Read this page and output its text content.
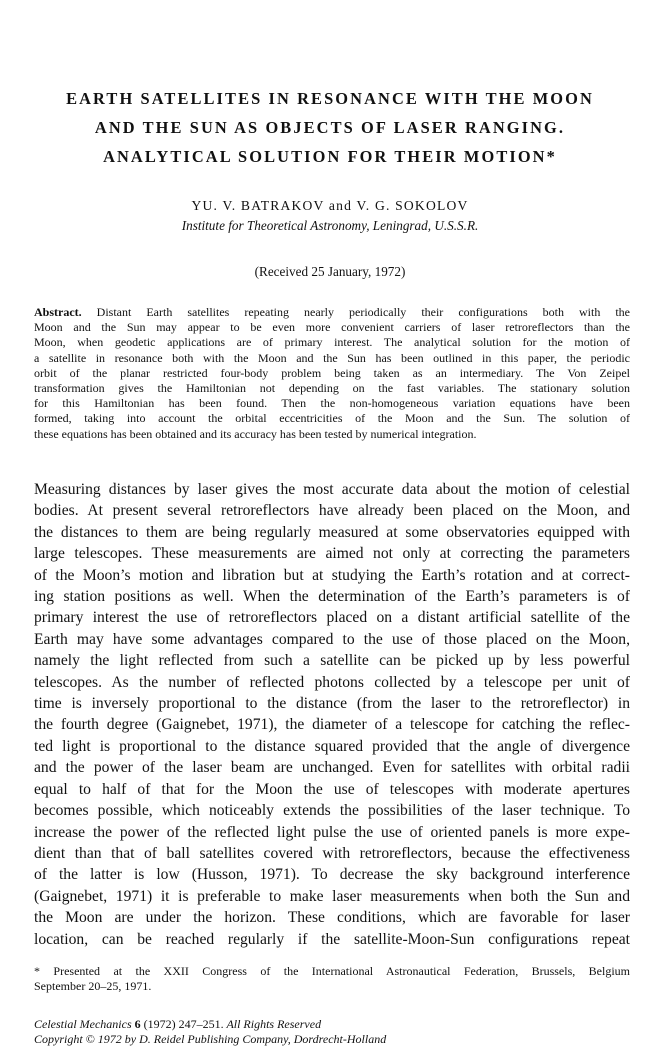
EARTH SATELLITES IN RESONANCE WITH THE MOON
AND THE SUN AS OBJECTS OF LASER RANGING.
ANALYTICAL SOLUTION FOR THEIR MOTION*
YU. V. BATRAKOV and V. G. SOKOLOV
Institute for Theoretical Astronomy, Leningrad, U.S.S.R.
(Received 25 January, 1972)
Abstract. Distant Earth satellites repeating nearly periodically their configurations both with the
Moon and the Sun may appear to be even more convenient carriers of laser retroreflectors than the
Moon, when geodetic applications are of primary interest. The analytical solution for the motion of
a satellite in resonance both with the Moon and the Sun has been outlined in this paper, the periodic
orbit of the planar restricted four-body problem being taken as an intermediary. The Von Zeipel
transformation gives the Hamiltonian not depending on the fast variables. The stationary solution
for this Hamiltonian has been found. Then the non-homogeneous variation equations have been
formed, taking into account the orbital eccentricities of the Moon and the Sun. The solution of
these equations has been obtained and its accuracy has been tested by numerical integration.
Measuring distances by laser gives the most accurate data about the motion of celestial
bodies. At present several retroreflectors have already been placed on the Moon, and
the distances to them are being regularly measured at some observatories equipped with
large telescopes. These measurements are aimed not only at correcting the parameters
of the Moon’s motion and libration but at studying the Earth’s rotation and at correct-
ing station positions as well. When the determination of the Earth’s parameters is of
primary interest the use of retroreflectors placed on a distant artificial satellite of the
Earth may have some advantages compared to the use of those placed on the Moon,
namely the light reflected from such a satellite can be picked up by less powerful
telescopes. As the number of reflected photons collected by a telescope per unit of
time is inversely proportional to the distance (from the laser to the retroreflector) in
the fourth degree (Gaignebet, 1971), the diameter of a telescope for catching the reflec-
ted light is proportional to the distance squared provided that the angle of divergence
and the power of the laser beam are unchanged. Even for satellites with orbital radii
equal to half of that for the Moon the use of telescopes with moderate apertures
becomes possible, which noticeably extends the possibilities of the laser technique. To
increase the power of the reflected light pulse the use of oriented panels is more expe-
dient than that of ball satellites covered with retroreflectors, because the effectiveness
of the latter is low (Husson, 1971). To decrease the sky background interference
(Gaignebet, 1971) it is preferable to make laser measurements when both the Sun and
the Moon are under the horizon. These conditions, which are favorable for laser
location, can be reached regularly if the satellite-Moon-Sun configurations repeat
* Presented at the XXII Congress of the International Astronautical Federation, Brussels, Belgium
September 20–25, 1971.
Celestial Mechanics 6 (1972) 247–251. All Rights Reserved
Copyright © 1972 by D. Reidel Publishing Company, Dordrecht-Holland
